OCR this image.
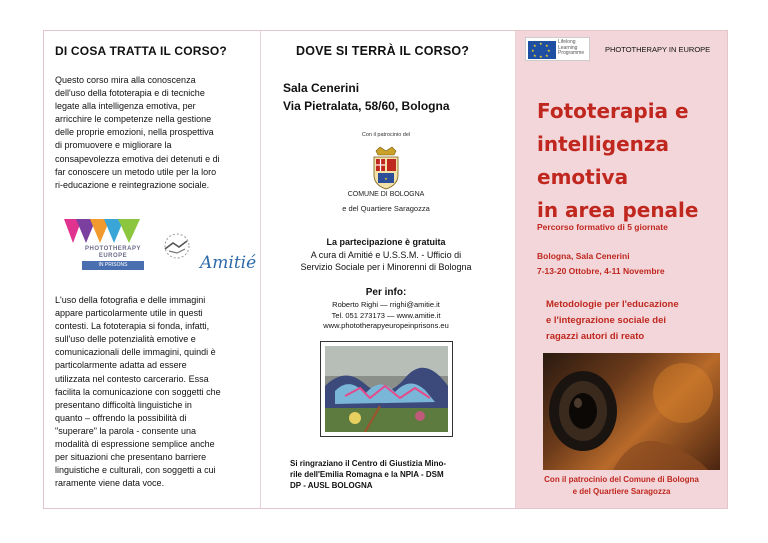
DI COSA TRATTA IL CORSO?
Questo corso mira alla conoscenza
dell'uso della fototerapia e di tecniche
legate alla intelligenza emotiva, per
arricchire le competenze nella gestione
delle proprie emozioni, nella prospettiva
di promuovere e migliorare la
consapevolezza emotiva dei detenuti e di
far conoscere un metodo utile per la loro
ri-educazione e reintegrazione sociale.
PHOTOTHERAPY EUROPE
IN PRISONS	Amitié
L'uso della fotografia e delle immagini
appare particolarmente utile in questi
contesti. La fototerapia si fonda, infatti,
sull'uso delle potenzialità emotive e
comunicazionali delle immagini, quindi è
particolarmente adatta ad essere
utilizzata nel contesto carcerario. Essa
facilita la comunicazione con soggetti che
presentano difficoltà linguistiche in
quanto – offrendo la possibilità di
"superare" la parola - consente una
modalità di espressione semplice anche
per situazioni che presentano barriere
linguistiche e culturali, con soggetti a cui
raramente viene data voce.
DOVE SI TERRÀ IL CORSO?
Sala Cenerini
Via Pietralata, 58/60, Bologna
Con il patrocinio del
✦
COMUNE DI BOLOGNA
e del Quartiere Saragozza
La partecipazione è gratuita
A cura di Amitié e U.S.S.M. - Ufficio di
Servizio Sociale per i Minorenni di Bologna
Per info:
Roberto Righi — rrighi@amitie.it
Tel. 051 273173 — www.amitie.it
www.phototherapyeuropeinprisons.eu
Si ringraziano il Centro di Giustizia Mino-
rile dell'Emilia Romagna e la NPIA - DSM
DP - AUSL BOLOGNA
★ ★
★
★
★
★
★
★
Lifelong
Learning
Programme	PHOTOTHERAPY IN EUROPE
Fototerapia e
intelligenza
emotiva
in area penale
Percorso formativo di 5 giornate
Bologna, Sala Cenerini
7-13-20 Ottobre, 4-11 Novembre
Metodologie per l'educazione
e l'integrazione sociale dei
ragazzi autori di reato
Con il patrocinio del Comune di Bologna
e del Quartiere Saragozza
